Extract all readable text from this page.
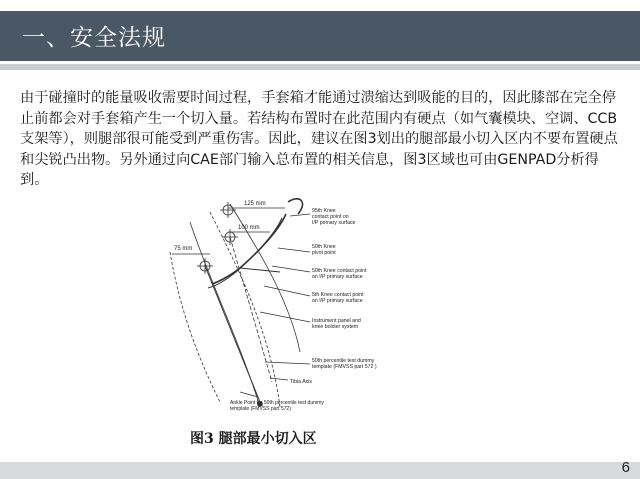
一、安全法规

由于碰撞时的能量吸收需要时间过程，手套箱才能通过溃缩达到吸能的目的，因此膝部在完全停止前都会对手套箱产生一个切入量。若结构布置时在此范围内有硬点（如气囊模块、空调、CCB支架等），则腿部很可能受到严重伤害。因此，建议在图3划出的腿部最小切入区内不要布置硬点和尖锐凸出物。另外通过向CAE部门输入总布置的相关信息，图3区域也可由GENPAD分析得到。

125 mm
100 mm
75 mm
95th Knee
contact point on
I/P primary surface
50th Knee
pivot point
50th Knee contact point
on I/P primary surface
5th Knee contact point
on I/P primary surface
Instrument panel and
knee bolster system
50th percentile test dummy
template (FMVSS part 572 )
Tibia Axis
Ankle Point for 50th percentile test dummy
template (FMVSS part 572)
图3 腿部最小切入区
6
